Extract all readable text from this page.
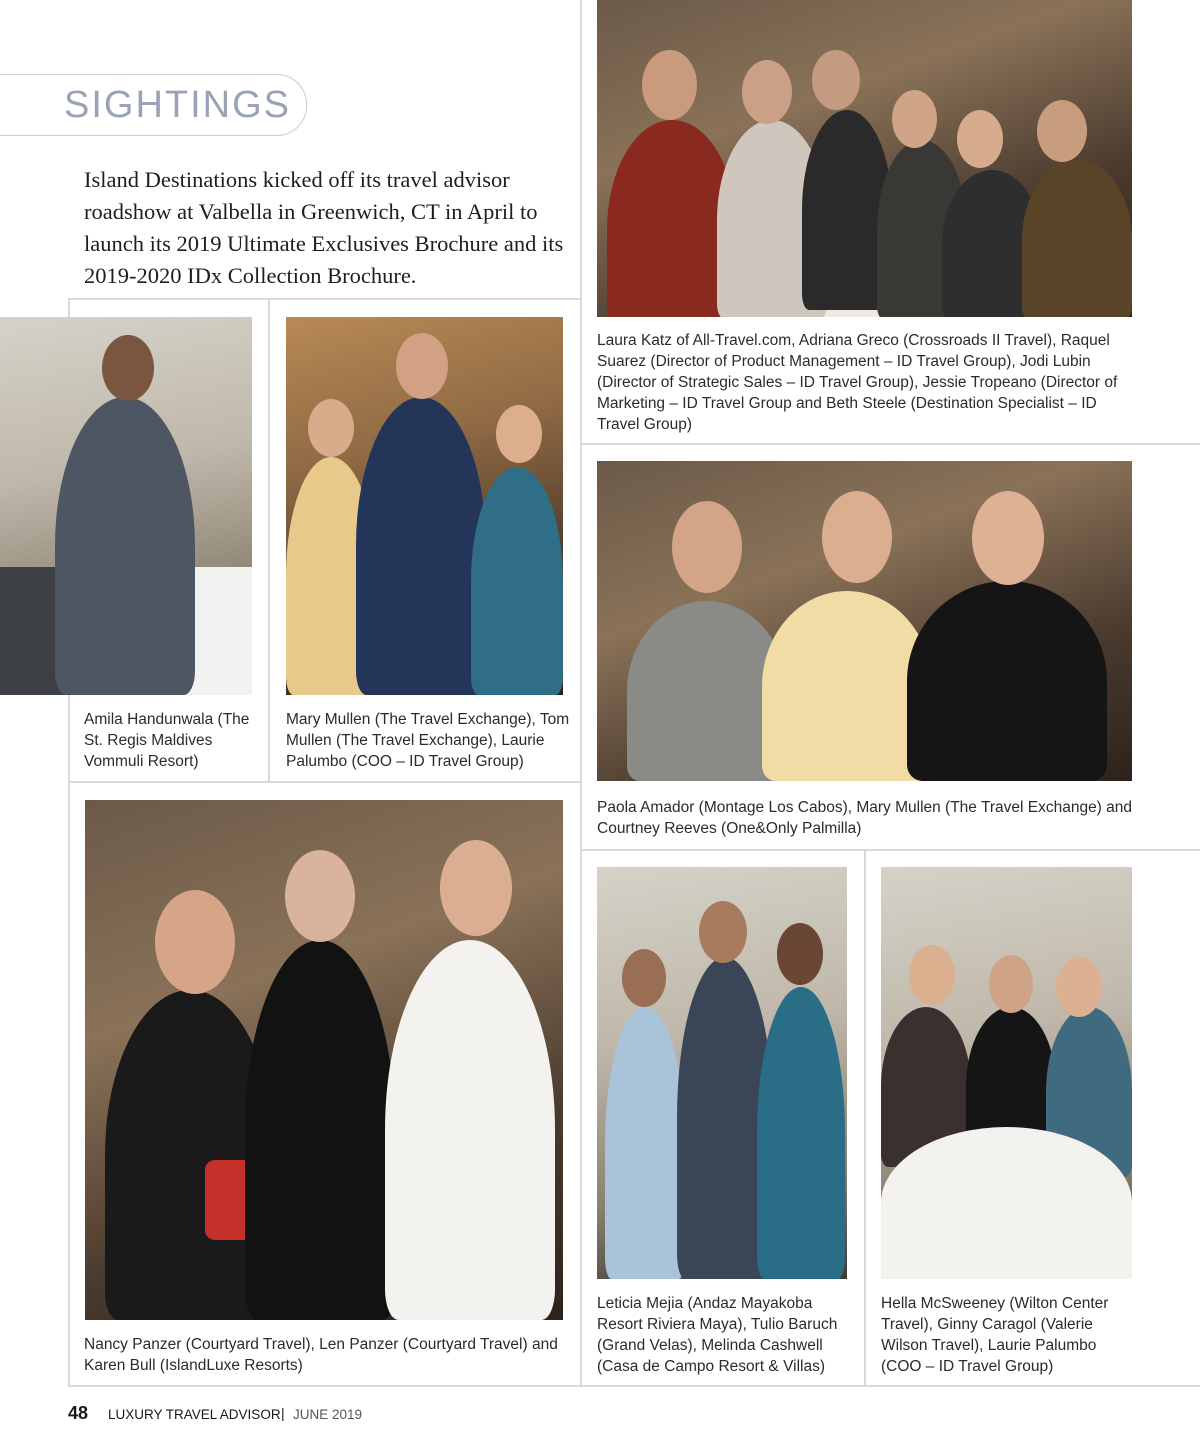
SIGHTINGS
Island Destinations kicked off its travel advisor roadshow at Valbella in Greenwich, CT in April to launch its 2019 Ultimate Exclusives Brochure and its 2019-2020 IDx Collection Brochure.
Amila Handunwala (The St. Regis Maldives Vommuli Resort)
Mary Mullen (The Travel Exchange), Tom Mullen (The Travel Exchange), Laurie Palumbo (COO – ID Travel Group)
Laura Katz of All-Travel.com, Adriana Greco (Crossroads II Travel), Raquel Suarez (Director of Product Management – ID Travel Group), Jodi Lubin (Director of Strategic Sales – ID Travel Group), Jessie Tropeano (Director of Marketing – ID Travel Group and Beth Steele (Destination Specialist – ID Travel Group)
Paola Amador (Montage Los Cabos), Mary Mullen (The Travel Exchange) and Courtney Reeves (One&Only Palmilla)
Nancy Panzer (Courtyard Travel), Len Panzer (Courtyard Travel) and Karen Bull (IslandLuxe Resorts)
Leticia Mejia (Andaz Mayakoba Resort Riviera Maya), Tulio Baruch (Grand Velas), Melinda Cashwell (Casa de Campo Resort & Villas)
Hella McSweeney (Wilton Center Travel), Ginny Caragol (Valerie Wilson Travel), Laurie Palumbo (COO – ID Travel Group)
48 LUXURY TRAVEL ADVISOR | JUNE 2019
